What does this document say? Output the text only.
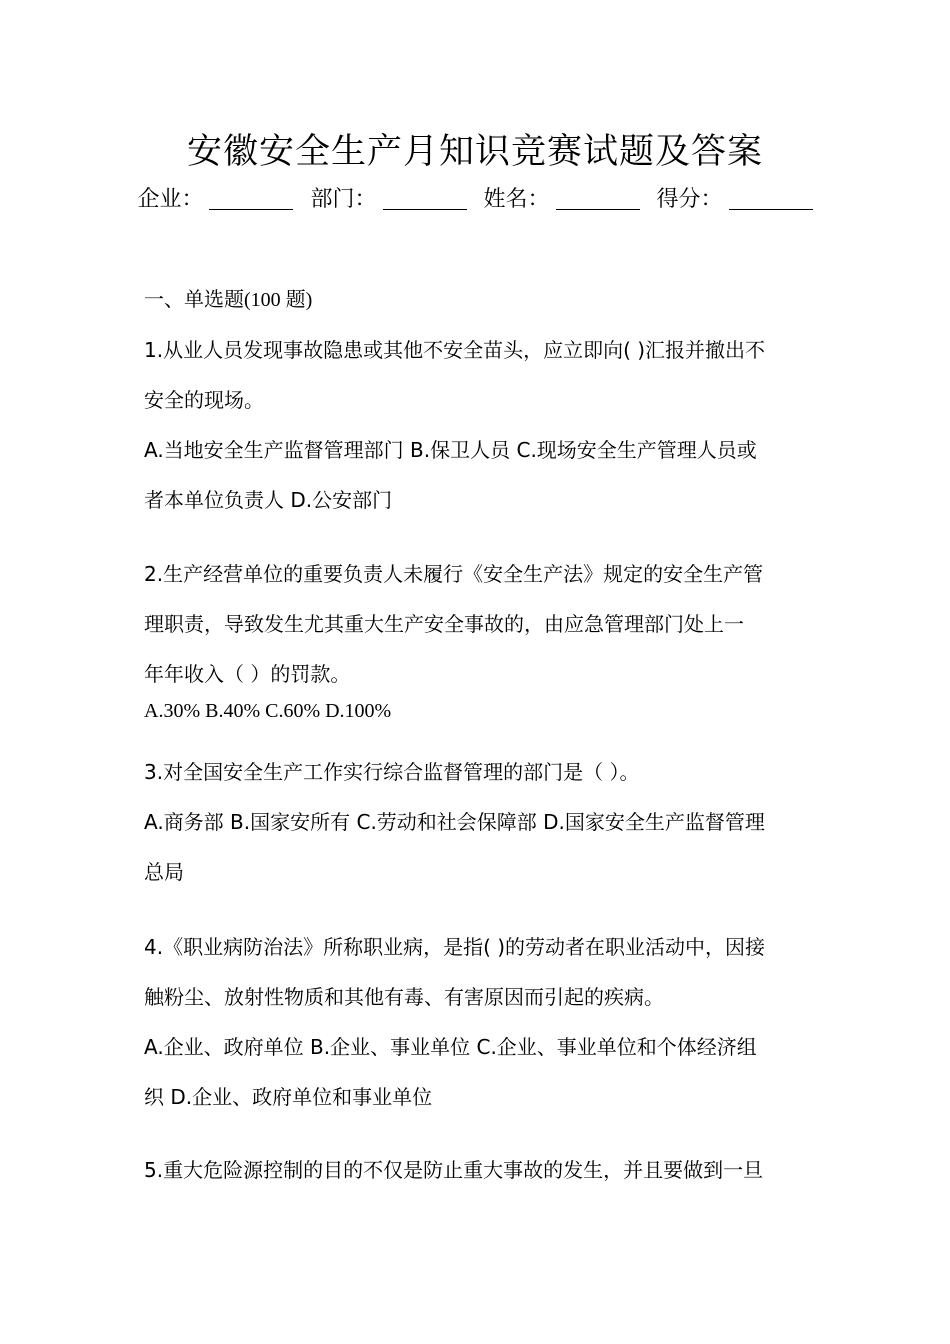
安徽安全生产月知识竞赛试题及答案
企业：	部门：	姓名：	得分：
一、单选题(100 题)
1.从业人员发现事故隐患或其他不安全苗头，应立即向( )汇报并撤出不
安全的现场。
A.当地安全生产监督管理部门 B.保卫人员 C.现场安全生产管理人员或
者本单位负责人 D.公安部门
2.生产经营单位的重要负责人未履行《安全生产法》规定的安全生产管
理职责，导致发生尤其重大生产安全事故的，由应急管理部门处上一
年年收入（ ）的罚款。
A.30% B.40% C.60% D.100%
3.对全国安全生产工作实行综合监督管理的部门是（ ）。
A.商务部 B.国家安所有 C.劳动和社会保障部 D.国家安全生产监督管理
总局
4.《职业病防治法》所称职业病，是指( )的劳动者在职业活动中，因接
触粉尘、放射性物质和其他有毒、有害原因而引起的疾病。
A.企业、政府单位 B.企业、事业单位 C.企业、事业单位和个体经济组
织 D.企业、政府单位和事业单位
5.重大危险源控制的目的不仅是防止重大事故的发生，并且要做到一旦
